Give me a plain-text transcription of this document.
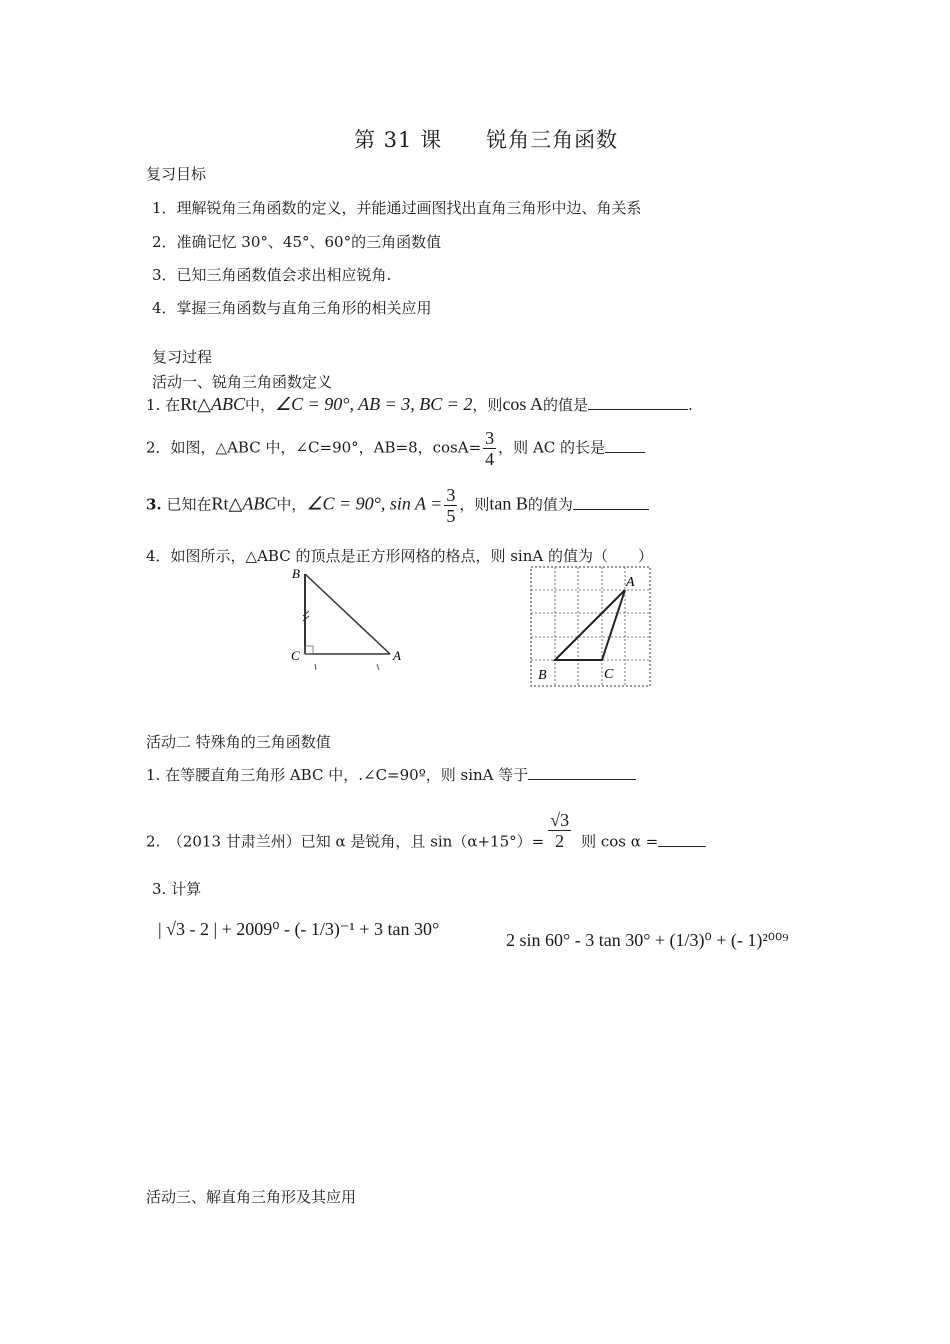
第 31 课　　锐角三角函数
复习目标
1．理解锐角三角函数的定义，并能通过画图找出直角三角形中边、角关系
2．准确记忆 30°、45°、60°的三角函数值
3．已知三角函数值会求出相应锐角.
4．掌握三角函数与直角三角形的相关应用
复习过程
活动一、锐角三角函数定义
1. 在Rt△ABC中，∠C = 90°, AB = 3, BC = 2，则cos A的值是	.
2．如图，△ABC 中，∠C=90°，AB=8，$\cos A= \frac{3}{4}$ ，则 AC 的长是
3. 已知在Rt△ABC中，∠C = 90°, $\sin A = \frac{3}{5}$ ，则tan B的值为
4．如图所示，△ABC 的顶点是正方形网格的格点，则 sinA 的值为（　　）
B
C	A
A
B	C
活动二 特殊角的三角函数值
1. 在等腰直角三角形 ABC 中，.∠C=90º，则 sinA 等于
2.　（2013 甘肃兰州）已知 α 是锐角，且 $\sin(\alpha+15^\circ)= \frac{√3}{2}$ 则 cos α =
3. 计算
| √3 - 2 | + 2009⁰ - (- 1/3)⁻¹ + 3 tan 30°
2 sin 60° - 3 tan 30° + (1/3)⁰ + (- 1)²⁰⁰⁹
活动三、解直角三角形及其应用
